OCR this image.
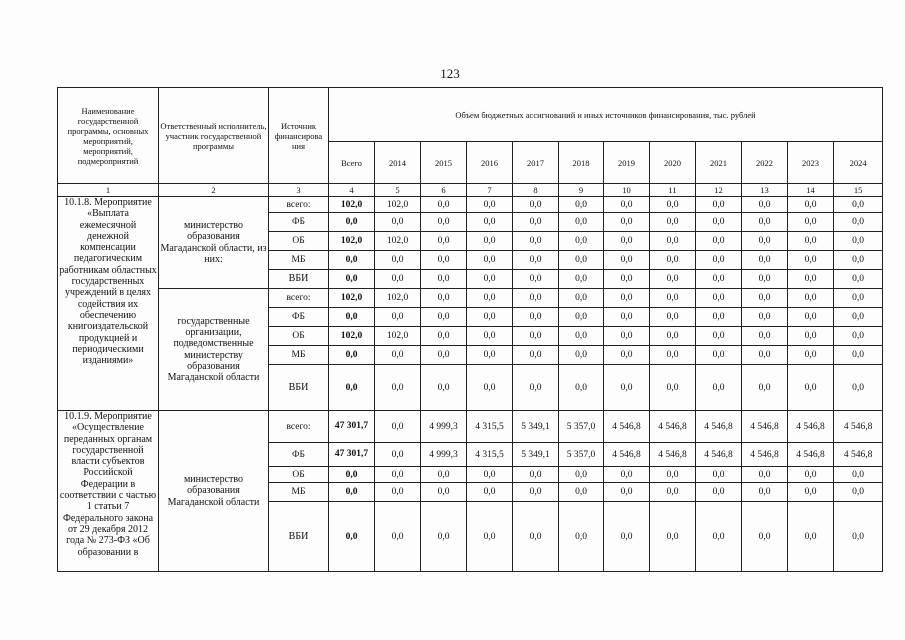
123
Наименование государственной программы, основных мероприятий, мероприятий, подмероприятий	Ответственный исполнитель, участник государственной программы	Источник финансирова ния	Объем бюджетных ассигнований и иных источников финансирования, тыс. рублей											
			Всего	2014	2015	2016	2017	2018	2019	2020	2021	2022	2023	2024
1	2	3	4	5	6	7	8	9	10	11	12	13	14	15
10.1.8. Мероприятие «Выплата ежемесячной денежной компенсации педагогическим работникам областных государственных учреждений в целях содействия их обеспечению книгоиздательской продукцией и периодическими изданиями»	министерство образования Магаданской области, из них:	всего:	102,0	102,0	0,0	0,0	0,0	0,0	0,0	0,0	0,0	0,0	0,0	0,0
		ФБ	0,0	0,0	0,0	0,0	0,0	0,0	0,0	0,0	0,0	0,0	0,0	0,0
		ОБ	102,0	102,0	0,0	0,0	0,0	0,0	0,0	0,0	0,0	0,0	0,0	0,0
		МБ	0,0	0,0	0,0	0,0	0,0	0,0	0,0	0,0	0,0	0,0	0,0	0,0
		ВБИ	0,0	0,0	0,0	0,0	0,0	0,0	0,0	0,0	0,0	0,0	0,0	0,0
	государственные организации, подведомственные министерству образования Магаданской области	всего:	102,0	102,0	0,0	0,0	0,0	0,0	0,0	0,0	0,0	0,0	0,0	0,0
		ФБ	0,0	0,0	0,0	0,0	0,0	0,0	0,0	0,0	0,0	0,0	0,0	0,0
		ОБ	102,0	102,0	0,0	0,0	0,0	0,0	0,0	0,0	0,0	0,0	0,0	0,0
		МБ	0,0	0,0	0,0	0,0	0,0	0,0	0,0	0,0	0,0	0,0	0,0	0,0
		ВБИ	0,0	0,0	0,0	0,0	0,0	0,0	0,0	0,0	0,0	0,0	0,0	0,0
10.1.9. Мероприятие «Осуществление переданных органам государственной власти субъектов Российской Федерации в соответствии с частью 1 статьи 7 Федерального закона от 29 декабря 2012 года № 273-ФЗ «Об образовании в	министерство образования Магаданской области	всего:	47 301,7	0,0	4 999,3	4 315,5	5 349,1	5 357,0	4 546,8	4 546,8	4 546,8	4 546,8	4 546,8	4 546,8
		ФБ	47 301,7	0,0	4 999,3	4 315,5	5 349,1	5 357,0	4 546,8	4 546,8	4 546,8	4 546,8	4 546,8	4 546,8
		ОБ	0,0	0,0	0,0	0,0	0,0	0,0	0,0	0,0	0,0	0,0	0,0	0,0
		МБ	0,0	0,0	0,0	0,0	0,0	0,0	0,0	0,0	0,0	0,0	0,0	0,0
		ВБИ	0,0	0,0	0,0	0,0	0,0	0,0	0,0	0,0	0,0	0,0	0,0	0,0
